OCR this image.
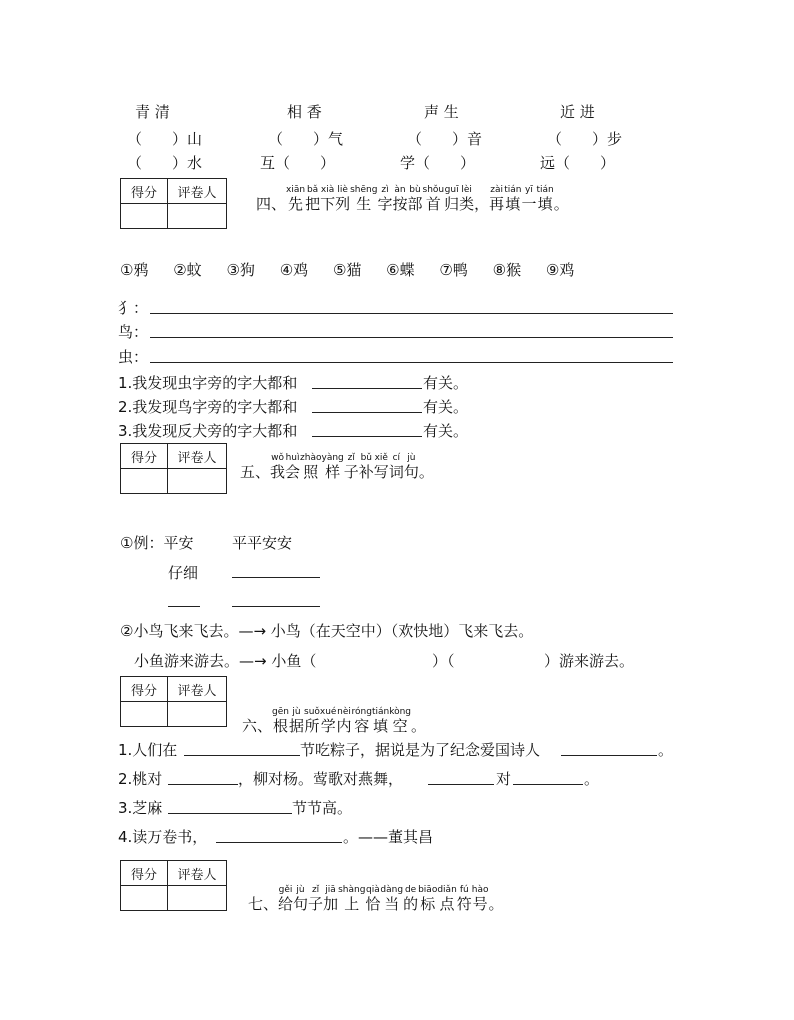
青 清	相 香	声 生	近 进
（　　）山	（　　）气	（　　）音	（　　）步
（　　）水	互（　　）	学（　　）	远（　　）
得分	评卷人

四、
xiān
先
bǎ
把
xià
下
liè
列
shēng
生
zì
字
àn
按
bù
部
shǒu
首
guī
归
lèi
类
，
zài
再
tián
填
yī
一
tián
填
。
①鸦 ②蚊 ③狗 ④鸡 ⑤猫 ⑥蝶 ⑦鸭 ⑧猴 ⑨鸡
犭：
鸟：
虫：
1.我发现虫字旁的字大都和	有关。
2.我发现鸟字旁的字大都和	有关。
3.我发现反犬旁的字大都和	有关。
得分	评卷人

五、
wǒ
我
huì
会
zhào
照
yàng
样
zǐ
子
bǔ
补
xiě
写
cí
词
jù
句
。
①例：平安	平平安安
仔细
②小鸟飞来飞去。—→ 小鸟（在天空中）（欢快地）飞来飞去。
小鱼游来游去。—→ 小鱼（	）（	）游来游去。
得分	评卷人

六、
gēn
根
jù
据
suǒ
所
xué
学
nèi
内
róng
容
tián
填
kòng
空
。
1.人们在	节吃粽子，据说是为了纪念爱国诗人	。
2.桃对	，柳对杨。莺歌对燕舞，	对	。
3.芝麻	节节高。
4.读万卷书，	。——董其昌
得分	评卷人

七、
gěi
给
jù
句
zǐ
子
jiā
加
shàng
上
qià
恰
dàng
当
de
的
biāo
标
diǎn
点
fú
符
hào
号
。
